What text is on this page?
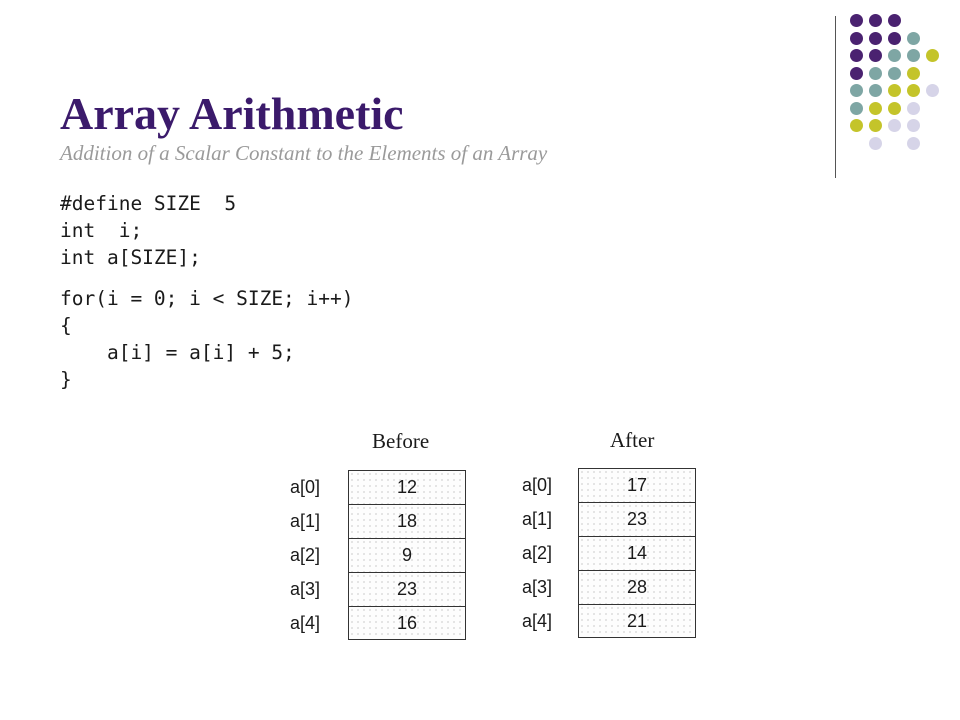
Array Arithmetic
Addition of a Scalar Constant to the Elements of an Array
#define SIZE  5
int  i;
int a[SIZE];
for(i = 0; i < SIZE; i++)
{
a[i] = a[i] + 5;
}
Before
a[0]	12
a[1]	18
a[2]	9
a[3]	23
a[4]	16
After
a[0]	17
a[1]	23
a[2]	14
a[3]	28
a[4]	21
